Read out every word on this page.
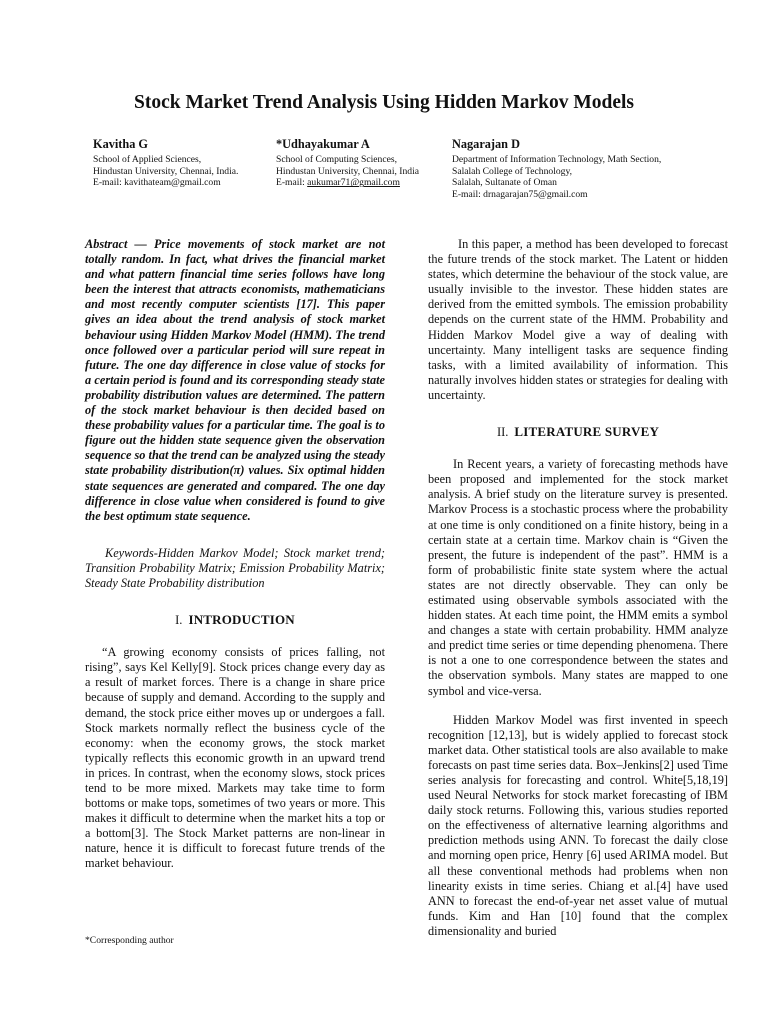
Stock Market Trend Analysis Using Hidden Markov Models
Kavitha G
School of Applied Sciences,
Hindustan University, Chennai, India.
E-mail: kavithateam@gmail.com
*Udhayakumar A
School of Computing Sciences,
Hindustan University, Chennai, India
E-mail: aukumar71@gmail.com
Nagarajan D
Department of Information Technology, Math Section,
Salalah College of Technology,
Salalah, Sultanate of Oman
E-mail: drnagarajan75@gmail.com

Abstract — Price movements of stock market are not totally random. In fact, what drives the financial market and what pattern financial time series follows have long been the interest that attracts economists, mathematicians and most recently computer scientists [17]. This paper gives an idea about the trend analysis of stock market behaviour using Hidden Markov Model (HMM). The trend once followed over a particular period will sure repeat in future. The one day difference in close value of stocks for a certain period is found and its corresponding steady state probability distribution values are determined. The pattern of the stock market behaviour is then decided based on these probability values for a particular time. The goal is to figure out the hidden state sequence given the observation sequence so that the trend can be analyzed using the steady state probability distribution(π) values. Six optimal hidden state sequences are generated and compared. The one day difference in close value when considered is found to give the best optimum state sequence.

Keywords-Hidden Markov Model; Stock market trend; Transition Probability Matrix; Emission Probability Matrix; Steady State Probability distribution

I. INTRODUCTION

“A growing economy consists of prices falling, not rising”, says Kel Kelly[9]. Stock prices change every day as a result of market forces. There is a change in share price because of supply and demand. According to the supply and demand, the stock price either moves up or undergoes a fall. Stock markets normally reflect the business cycle of the economy: when the economy grows, the stock market typically reflects this economic growth in an upward trend in prices. In contrast, when the economy slows, stock prices tend to be more mixed. Markets may take time to form bottoms or make tops, sometimes of two years or more. This makes it difficult to determine when the market hits a top or a bottom[3]. The Stock Market patterns are non-linear in nature, hence it is difficult to forecast future trends of the market behaviour.

In this paper, a method has been developed to forecast the future trends of the stock market. The Latent or hidden states, which determine the behaviour of the stock value, are usually invisible to the investor. These hidden states are derived from the emitted symbols. The emission probability depends on the current state of the HMM. Probability and Hidden Markov Model give a way of dealing with uncertainty. Many intelligent tasks are sequence finding tasks, with a limited availability of information. This naturally involves hidden states or strategies for dealing with uncertainty.

II. LITERATURE SURVEY

In Recent years, a variety of forecasting methods have been proposed and implemented for the stock market analysis. A brief study on the literature survey is presented. Markov Process is a stochastic process where the probability at one time is only conditioned on a finite history, being in a certain state at a certain time. Markov chain is “Given the present, the future is independent of the past”. HMM is a form of probabilistic finite state system where the actual states are not directly observable. They can only be estimated using observable symbols associated with the hidden states. At each time point, the HMM emits a symbol and changes a state with certain probability. HMM analyze and predict time series or time depending phenomena. There is not a one to one correspondence between the states and the observation symbols. Many states are mapped to one symbol and vice-versa.

Hidden Markov Model was first invented in speech recognition [12,13], but is widely applied to forecast stock market data. Other statistical tools are also available to make forecasts on past time series data. Box–Jenkins[2] used Time series analysis for forecasting and control. White[5,18,19] used Neural Networks for stock market forecasting of IBM daily stock returns. Following this, various studies reported on the effectiveness of alternative learning algorithms and prediction methods using ANN. To forecast the daily close and morning open price, Henry [6] used ARIMA model. But all these conventional methods had problems when non linearity exists in time series. Chiang et al.[4] have used ANN to forecast the end-of-year net asset value of mutual funds. Kim and Han [10] found that the complex dimensionality and buried

*Corresponding author
